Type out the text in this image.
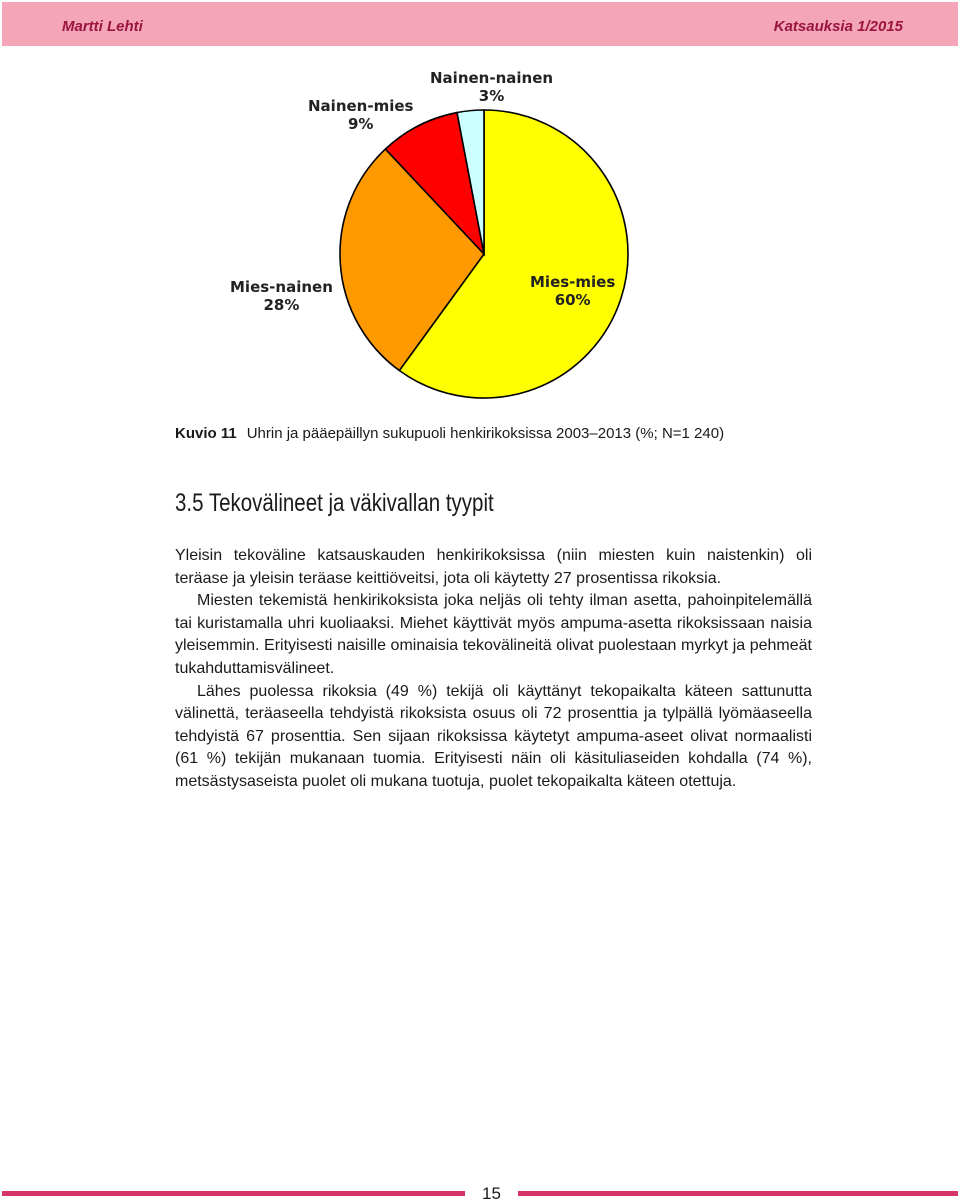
Martti Lehti	Katsauksia 1/2015
Mies-mies
60%
Mies-nainen
28%
Nainen-mies
9%
Nainen-nainen
3%
Kuvio 11 Uhrin ja pääepäillyn sukupuoli henkirikoksissa 2003–2013 (%; N=1 240)
3.5 Tekovälineet ja väkivallan tyypit

Yleisin tekoväline katsauskauden henkirikoksissa (niin miesten kuin naistenkin) oli teräase ja yleisin teräase keittiöveitsi, jota oli käytetty 27 prosentissa rikoksia.

Miesten tekemistä henkirikoksista joka neljäs oli tehty ilman asetta, pahoinpitelemällä tai kuristamalla uhri kuoliaaksi. Miehet käyttivät myös ampuma-asetta rikoksissaan naisia yleisemmin. Erityisesti naisille ominaisia tekovälineitä olivat puolestaan myrkyt ja pehmeät tukahduttamisvälineet.

Lähes puolessa rikoksia (49 %) tekijä oli käyttänyt tekopaikalta käteen sattunutta välinettä, teräaseella tehdyistä rikoksista osuus oli 72 prosenttia ja tylpällä lyömäaseella tehdyistä 67 prosenttia. Sen sijaan rikoksissa käytetyt ampuma-aseet olivat normaalisti (61 %) tekijän mukanaan tuomia. Erityisesti näin oli käsituliaseiden kohdalla (74 %), metsästysaseista puolet oli mukana tuotuja, puolet tekopaikalta käteen otettuja.

15
